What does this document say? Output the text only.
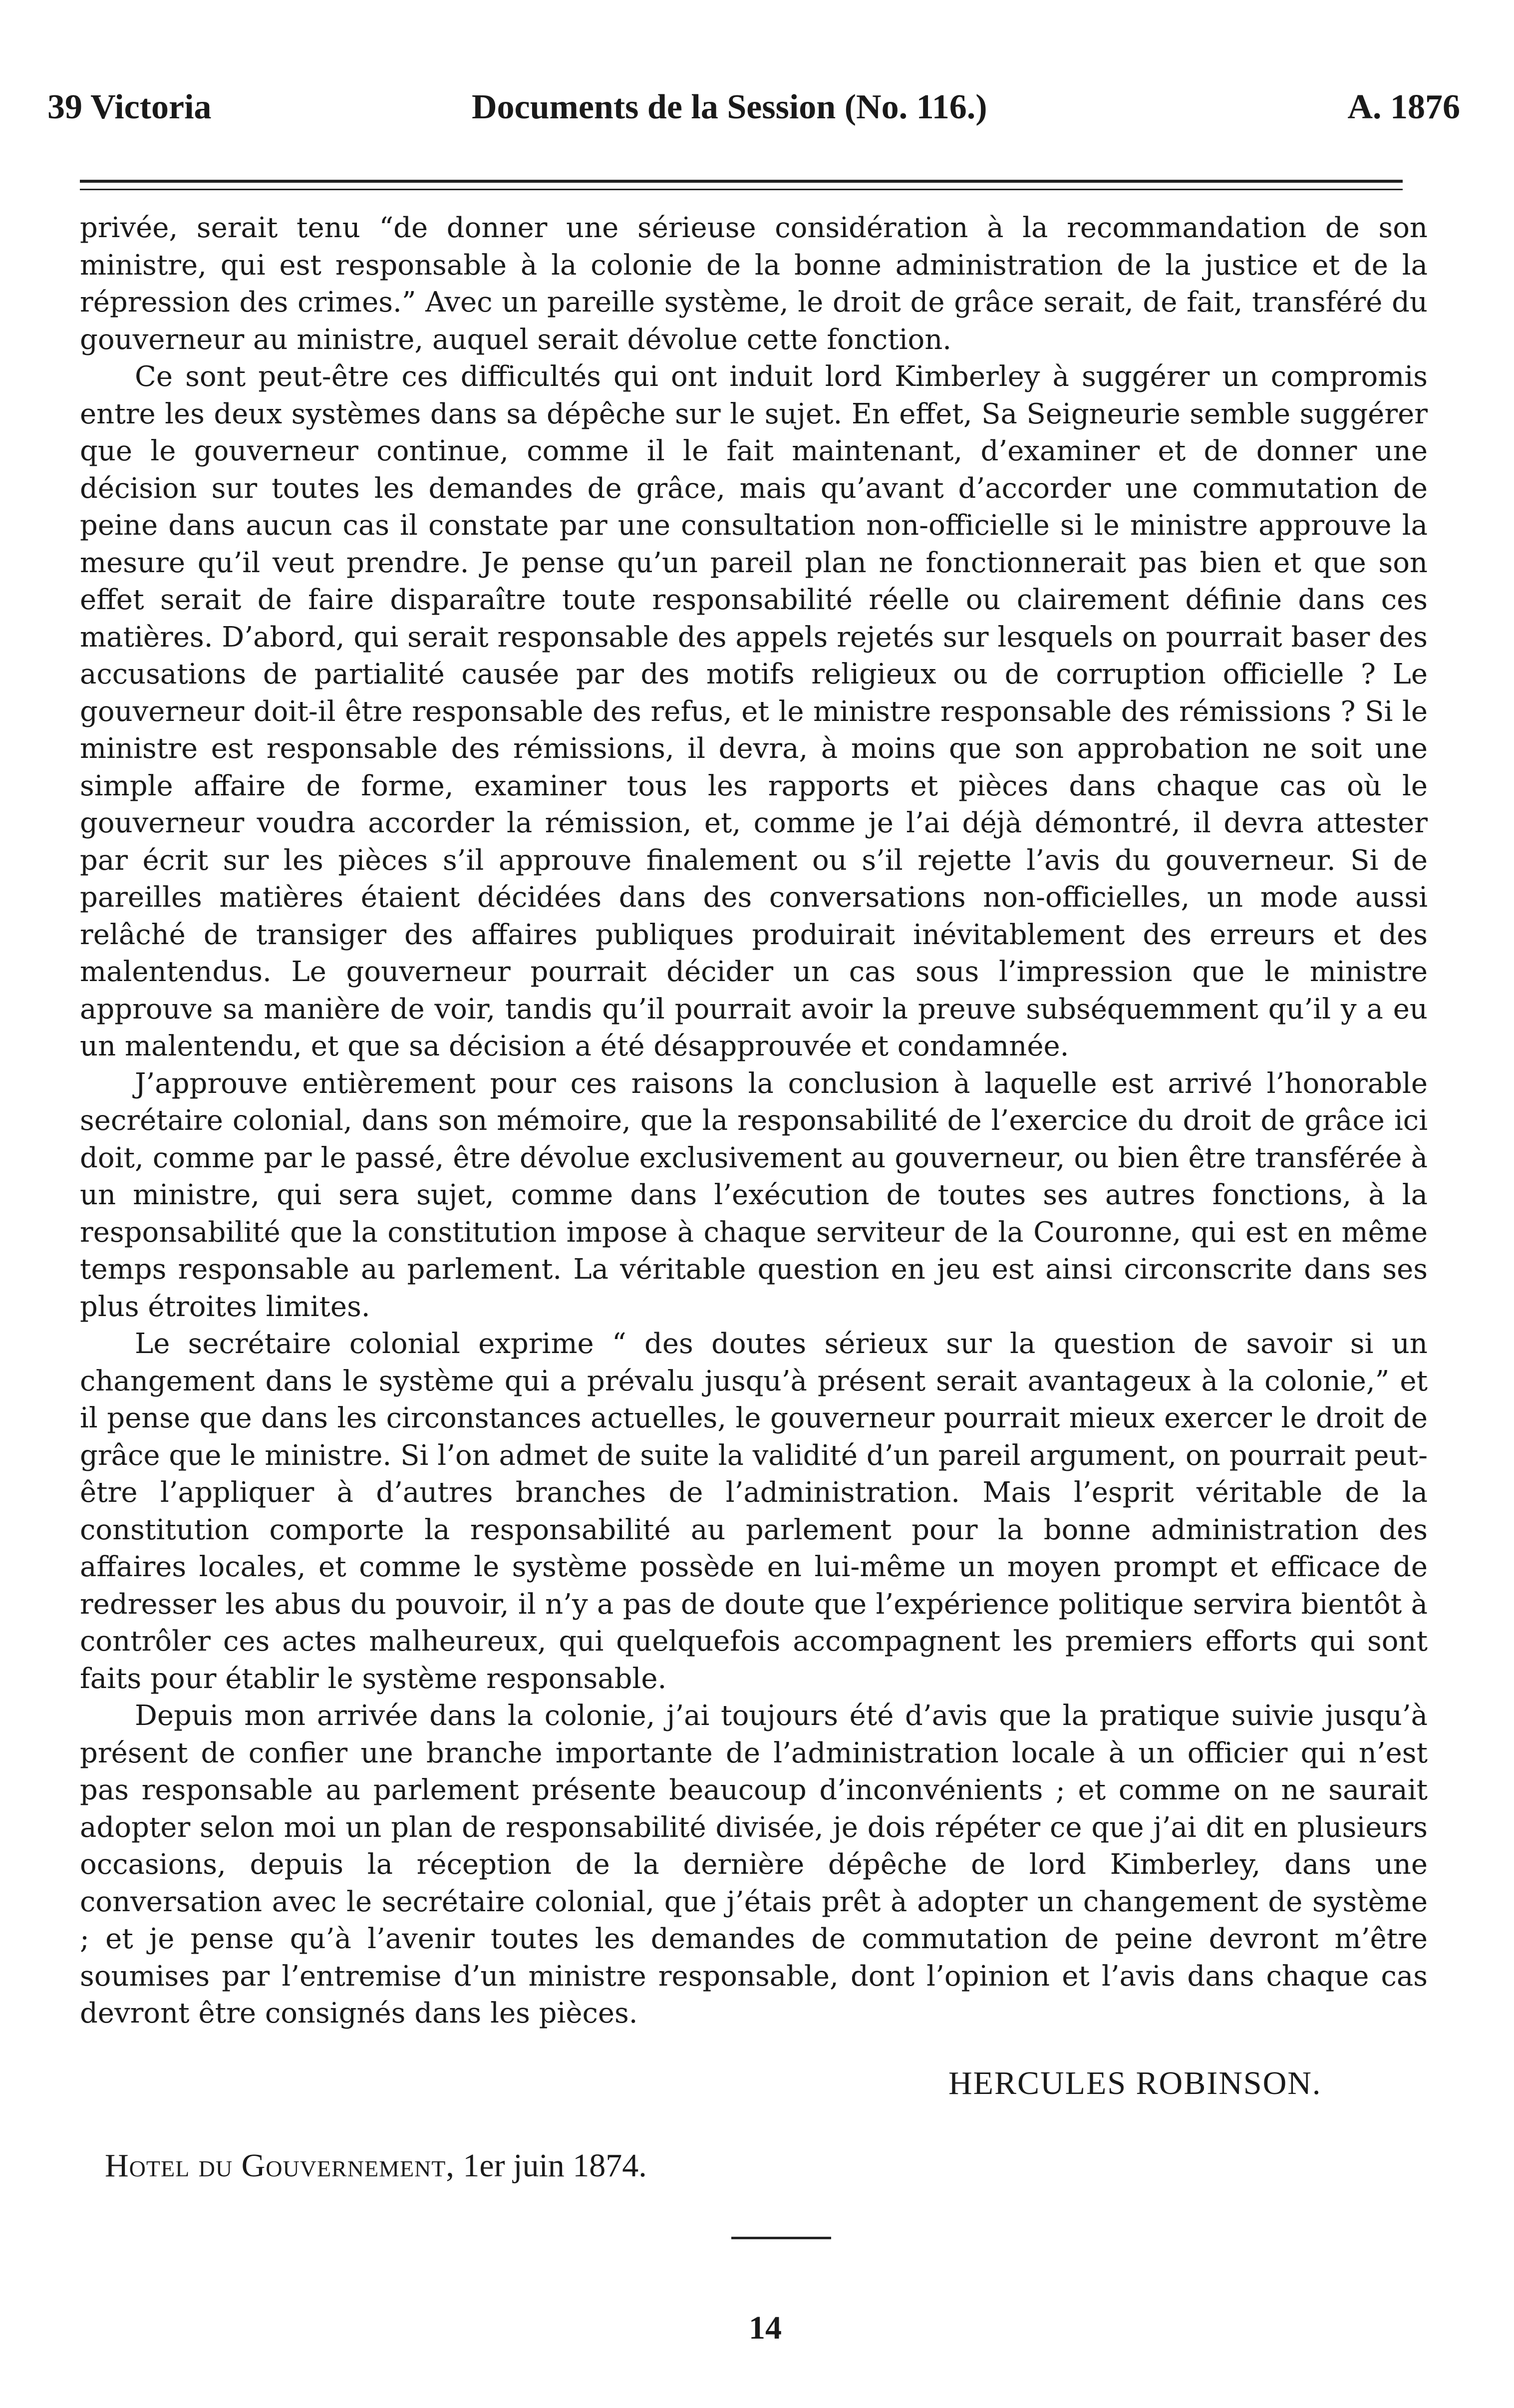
39 Victoria	Documents de la Session (No. 116.)	A. 1876

privée, serait tenu “de donner une sérieuse considération à la recommandation de son ministre, qui est responsable à la colonie de la bonne administration de la justice et de la répression des crimes.” Avec un pareille système, le droit de grâce serait, de fait, transféré du gouverneur au ministre, auquel serait dévolue cette fonction.

Ce sont peut-être ces difficultés qui ont induit lord Kimberley à suggérer un compromis entre les deux systèmes dans sa dépêche sur le sujet. En effet, Sa Seigneurie semble suggérer que le gouverneur continue, comme il le fait maintenant, d’examiner et de donner une décision sur toutes les demandes de grâce, mais qu’avant d’accorder une commutation de peine dans aucun cas il constate par une consultation non-officielle si le ministre approuve la mesure qu’il veut prendre. Je pense qu’un pareil plan ne fonctionnerait pas bien et que son effet serait de faire disparaître toute responsabilité réelle ou clairement définie dans ces matières. D’abord, qui serait responsable des appels rejetés sur lesquels on pourrait baser des accusations de partialité causée par des motifs religieux ou de corruption officielle ? Le gouverneur doit-il être responsable des refus, et le ministre responsable des rémissions ? Si le ministre est responsable des rémissions, il devra, à moins que son approbation ne soit une simple affaire de forme, examiner tous les rapports et pièces dans chaque cas où le gouverneur voudra accorder la rémission, et, comme je l’ai déjà démontré, il devra attester par écrit sur les pièces s’il approuve finalement ou s’il rejette l’avis du gouverneur. Si de pareilles matières étaient décidées dans des conversations non-officielles, un mode aussi relâché de transiger des affaires publiques produirait inévitablement des erreurs et des malentendus. Le gouverneur pourrait décider un cas sous l’impression que le ministre approuve sa manière de voir, tandis qu’il pourrait avoir la preuve subséquemment qu’il y a eu un malentendu, et que sa décision a été désapprouvée et condamnée.

J’approuve entièrement pour ces raisons la conclusion à laquelle est arrivé l’honorable secrétaire colonial, dans son mémoire, que la responsabilité de l’exercice du droit de grâce ici doit, comme par le passé, être dévolue exclusivement au gouverneur, ou bien être transférée à un ministre, qui sera sujet, comme dans l’exécution de toutes ses autres fonctions, à la responsabilité que la constitution impose à chaque serviteur de la Couronne, qui est en même temps responsable au parlement. La véritable question en jeu est ainsi circonscrite dans ses plus étroites limites.

Le secrétaire colonial exprime “ des doutes sérieux sur la question de savoir si un changement dans le système qui a prévalu jusqu’à présent serait avantageux à la colonie,” et il pense que dans les circonstances actuelles, le gouverneur pourrait mieux exercer le droit de grâce que le ministre. Si l’on admet de suite la validité d’un pareil argument, on pourrait peut-être l’appliquer à d’autres branches de l’administration. Mais l’esprit véritable de la constitution comporte la responsabilité au parlement pour la bonne administration des affaires locales, et comme le système possède en lui-même un moyen prompt et efficace de redresser les abus du pouvoir, il n’y a pas de doute que l’expérience politique servira bientôt à contrôler ces actes malheureux, qui quelquefois accompagnent les premiers efforts qui sont faits pour établir le système responsable.

Depuis mon arrivée dans la colonie, j’ai toujours été d’avis que la pratique suivie jusqu’à présent de confier une branche importante de l’administration locale à un officier qui n’est pas responsable au parlement présente beaucoup d’inconvénients ; et comme on ne saurait adopter selon moi un plan de responsabilité divisée, je dois répéter ce que j’ai dit en plusieurs occasions, depuis la réception de la dernière dépêche de lord Kimberley, dans une conversation avec le secrétaire colonial, que j’étais prêt à adopter un changement de système ; et je pense qu’à l’avenir toutes les demandes de commutation de peine devront m’être soumises par l’entremise d’un ministre responsable, dont l’opinion et l’avis dans chaque cas devront être consignés dans les pièces.

HERCULES ROBINSON.
Hotel du Gouvernement, 1er juin 1874.
14
